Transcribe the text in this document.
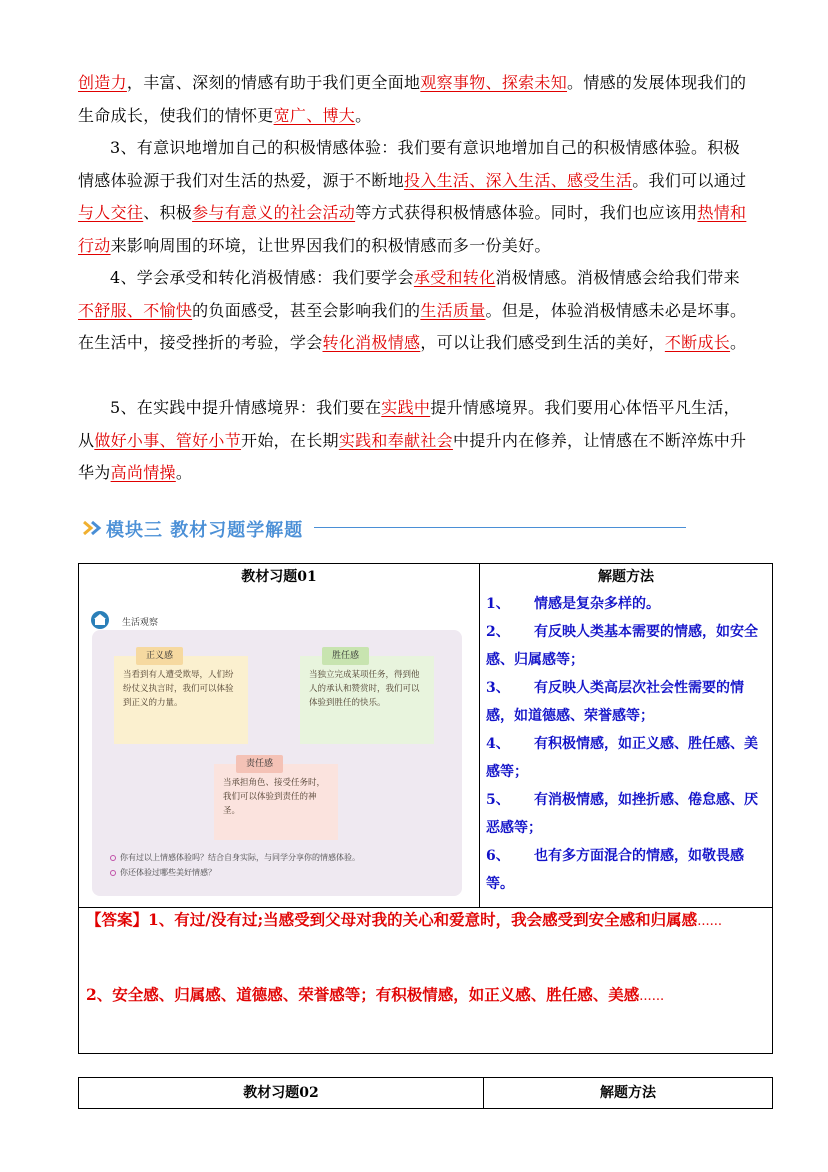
创造力，丰富、深刻的情感有助于我们更全面地观察事物、探索未知。情感的发展体现我们的生命成长，使我们的情怀更宽广、博大。
3、有意识地增加自己的积极情感体验：我们要有意识地增加自己的积极情感体验。积极情感体验源于我们对生活的热爱，源于不断地投入生活、深入生活、感受生活。我们可以通过与人交往、积极参与有意义的社会活动等方式获得积极情感体验。同时，我们也应该用热情和行动来影响周围的环境，让世界因我们的积极情感而多一份美好。
4、学会承受和转化消极情感：我们要学会承受和转化消极情感。消极情感会给我们带来不舒服、不愉快的负面感受，甚至会影响我们的生活质量。但是，体验消极情感未必是坏事。在生活中，接受挫折的考验，学会转化消极情感，可以让我们感受到生活的美好，不断成长。
5、在实践中提升情感境界：我们要在实践中提升情感境界。我们要用心体悟平凡生活，从做好小事、管好小节开始，在长期实践和奉献社会中提升内在修养，让情感在不断淬炼中升华为高尚情操。
模块三 教材习题学解题
教材习题01	解题方法
生活观察
正义感
当看到有人遭受欺辱，人们纷纷仗义执言时，我们可以体验到正义的力量。
胜任感
当独立完成某项任务，得到他人的承认和赞赏时，我们可以体验到胜任的快乐。
责任感
当承担角色、接受任务时，我们可以体验到责任的神圣。
你有过以上情感体验吗？结合自身实际，与同学分享你的情感体验。
你还体验过哪些美好情感？
1、 情感是复杂多样的。
2、 有反映人类基本需要的情感，如安全感、归属感等；
3、 有反映人类高层次社会性需要的情感，如道德感、荣誉感等；
4、 有积极情感，如正义感、胜任感、美感等；
5、 有消极情感，如挫折感、倦怠感、厌恶感等；
6、 也有多方面混合的情感，如敬畏感等。
【答案】1、有过/没有过;当感受到父母对我的关心和爱意时，我会感受到安全感和归属感......
2、安全感、归属感、道德感、荣誉感等；有积极情感，如正义感、胜任感、美感......
教材习题02	解题方法
